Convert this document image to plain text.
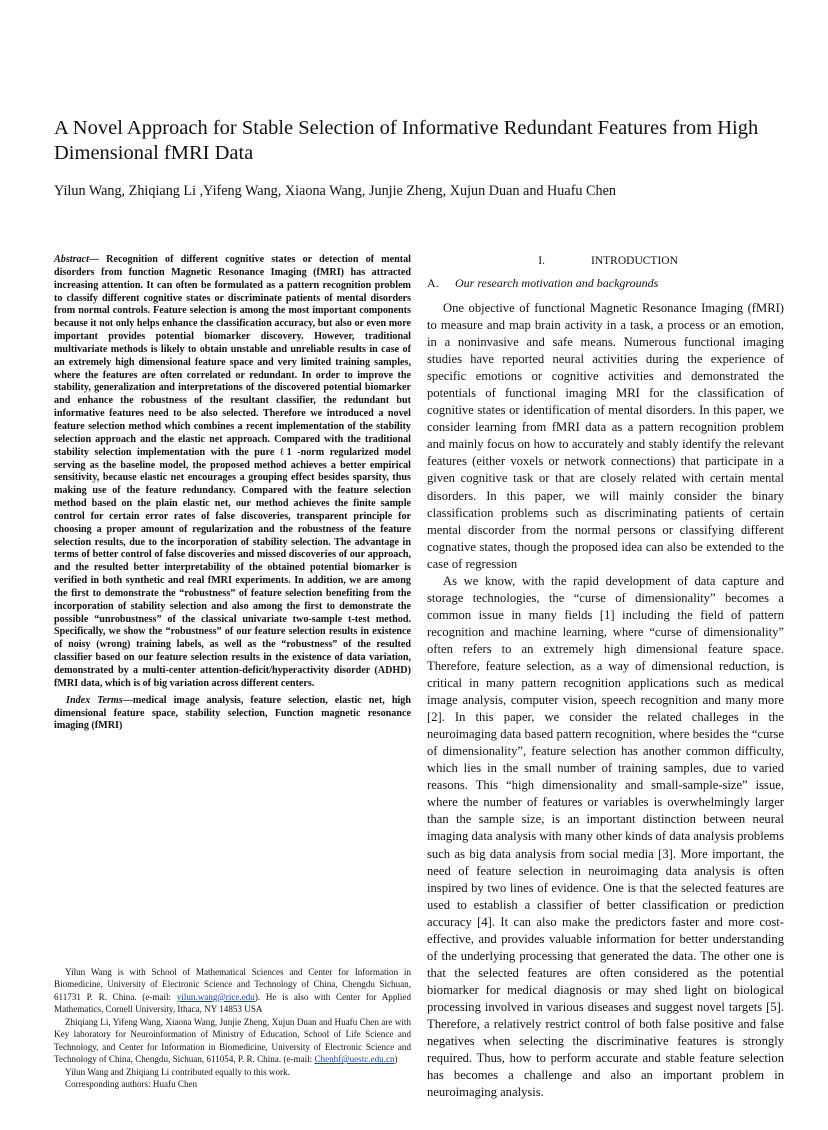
A Novel Approach for Stable Selection of Informative Redundant Features from High Dimensional fMRI Data
Yilun Wang, Zhiqiang Li ,Yifeng Wang, Xiaona Wang, Junjie Zheng, Xujun Duan and Huafu Chen

Abstract— Recognition of different cognitive states or detection of mental disorders from function Magnetic Resonance Imaging (fMRI) has attracted increasing attention. It can often be formulated as a pattern recognition problem to classify different cognitive states or discriminate patients of mental disorders from normal controls. Feature selection is among the most important components because it not only helps enhance the classification accuracy, but also or even more important provides potential biomarker discovery. However, traditional multivariate methods is likely to obtain unstable and unreliable results in case of an extremely high dimensional feature space and very limited training samples, where the features are often correlated or redundant. In order to improve the stability, generalization and interpretations of the discovered potential biomarker and enhance the robustness of the resultant classifier, the redundant but informative features need to be also selected. Therefore we introduced a novel feature selection method which combines a recent implementation of the stability selection approach and the elastic net approach. Compared with the traditional stability selection implementation with the pure ℓ1 -norm regularized model serving as the baseline model, the proposed method achieves a better empirical sensitivity, because elastic net encourages a grouping effect besides sparsity, thus making use of the feature redundancy. Compared with the feature selection method based on the plain elastic net, our method achieves the finite sample control for certain error rates of false discoveries, transparent principle for choosing a proper amount of regularization and the robustness of the feature selection results, due to the incorporation of stability selection. The advantage in terms of better control of false discoveries and missed discoveries of our approach, and the resulted better interpretability of the obtained potential biomarker is verified in both synthetic and real fMRI experiments. In addition, we are among the first to demonstrate the “robustness” of feature selection benefiting from the incorporation of stability selection and also among the first to demonstrate the possible “unrobustness” of the classical univariate two-sample t-test method. Specifically, we show the “robustness” of our feature selection results in existence of noisy (wrong) training labels, as well as the “robustness” of the resulted classifier based on our feature selection results in the existence of data variation, demonstrated by a multi-center attention-deficit/hyperactivity disorder (ADHD) fMRI data, which is of big variation across different centers.

Index Terms—medical image analysis, feature selection, elastic net, high dimensional feature space, stability selection, Function magnetic resonance imaging (fMRI)

Yilun Wang is with School of Mathematical Sciences and Center for Information in Biomedicine, University of Electronic Science and Technology of China, Chengdu Sichuan, 611731 P. R. China. (e-mail: yilun.wang@rice.edu). He is also with Center for Applied Mathematics, Cornell University, Ithaca, NY 14853 USA

Zhiqiang Li, Yifeng Wang, Xiaona Wang, Junjie Zheng, Xujun Duan and Huafu Chen are with Key laboratory for Neuroinformation of Ministry of Education, School of Life Science and Technology, and Center for Information in Biomedicine, University of Electronic Science and Technology of China, Chengdu, Sichuan, 611054, P. R. China. (e-mail: Chenhf@uestc.edu.cn)

Yilun Wang and Zhiqiang Li contributed equally to this work.

Corresponding authors: Huafu Chen

I.	INTRODUCTION
A.	Our research motivation and backgrounds

One objective of functional Magnetic Resonance Imaging (fMRI) to measure and map brain activity in a task, a process or an emotion, in a noninvasive and safe means. Numerous functional imaging studies have reported neural activities during the experience of specific emotions or cognitive activities and demonstrated the potentials of functional imaging MRI for the classification of cognitive states or identification of mental disorders. In this paper, we consider learning from fMRI data as a pattern recognition problem and mainly focus on how to accurately and stably identify the relevant features (either voxels or network connections) that participate in a given cognitive task or that are closely related with certain mental disorders. In this paper, we will mainly consider the binary classification problems such as discriminating patients of certain mental discorder from the normal persons or classifying different cognative states, though the proposed idea can also be extended to the case of regression

As we know, with the rapid development of data capture and storage technologies, the “curse of dimensionality” becomes a common issue in many fields [1] including the field of pattern recognition and machine learning, where “curse of dimensionality” often refers to an extremely high dimensional feature space. Therefore, feature selection, as a way of dimensional reduction, is critical in many pattern recognition applications such as medical image analysis, computer vision, speech recognition and many more [2]. In this paper, we consider the related challeges in the neuroimaging data based pattern recognition, where besides the “curse of dimensionality”, feature selection has another common difficulty, which lies in the small number of training samples, due to varied reasons. This “high dimensionality and small-sample-size” issue, where the number of features or variables is overwhelmingly larger than the sample size, is an important distinction between neural imaging data analysis with many other kinds of data analysis problems such as big data analysis from social media [3]. More important, the need of feature selection in neuroimaging data analysis is often inspired by two lines of evidence. One is that the selected features are used to establish a classifier of better classification or prediction accuracy [4]. It can also make the predictors faster and more cost-effective, and provides valuable information for better understanding of the underlying processing that generated the data. The other one is that the selected features are often considered as the potential biomarker for medical diagnosis or may shed light on biological processing involved in various diseases and suggest novel targets [5]. Therefore, a relatively restrict control of both false positive and false negatives when selecting the discriminative features is strongly required. Thus, how to perform accurate and stable feature selection has becomes a challenge and also an important problem in neuroimaging analysis.
